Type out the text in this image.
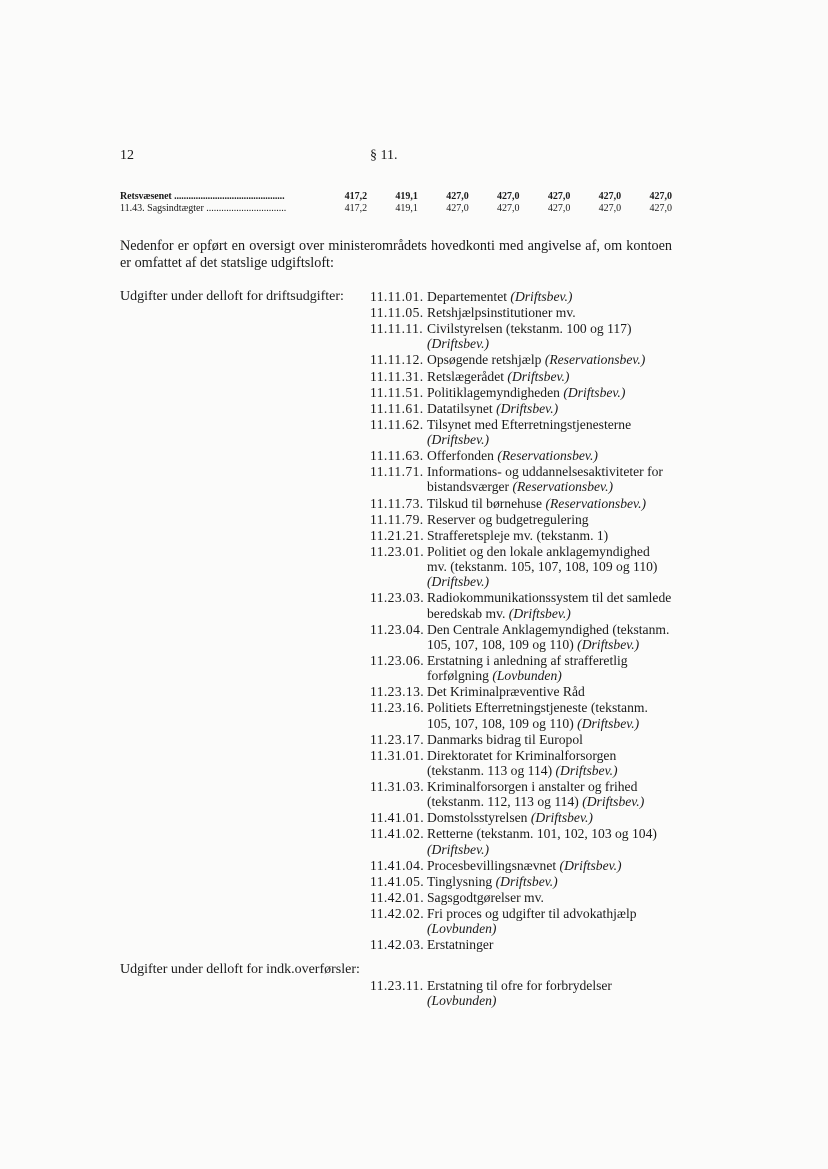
12	§ 11.
Retsvæsenet ..............................................	417,2	419,1	427,0	427,0	427,0	427,0	427,0
11.43. Sagsindtægter ................................	417,2	419,1	427,0	427,0	427,0	427,0	427,0

Nedenfor er opført en oversigt over ministerområdets hovedkonti med angivelse af, om kontoen er omfattet af det statslige udgiftsloft:

Udgifter under delloft for driftsudgifter: 11.11.01. Departementet (Driftsbev.)
11.11.05. Retshjælpsinstitutioner mv.
11.11.11. Civilstyrelsen (tekstanm. 100 og 117) (Driftsbev.)
11.11.12. Opsøgende retshjælp (Reservationsbev.)
11.11.31. Retslægerådet (Driftsbev.)
11.11.51. Politiklagemyndigheden (Driftsbev.)
11.11.61. Datatilsynet (Driftsbev.)
11.11.62. Tilsynet med Efterretningstjenesterne (Driftsbev.)
11.11.63. Offerfonden (Reservationsbev.)
11.11.71. Informations- og uddannelsesaktiviteter for bistandsværger (Reservationsbev.)
11.11.73. Tilskud til børnehuse (Reservationsbev.)
11.11.79. Reserver og budgetregulering
11.21.21. Strafferetspleje mv. (tekstanm. 1)
11.23.01. Politiet og den lokale anklagemyndighed mv. (tekstanm. 105, 107, 108, 109 og 110) (Driftsbev.)
11.23.03. Radiokommunikationssystem til det samlede beredskab mv. (Driftsbev.)
11.23.04. Den Centrale Anklagemyndighed (tekstanm. 105, 107, 108, 109 og 110) (Driftsbev.)
11.23.06. Erstatning i anledning af strafferetlig forfølgning (Lovbunden)
11.23.13. Det Kriminalpræventive Råd
11.23.16. Politiets Efterretningstjeneste (tekstanm. 105, 107, 108, 109 og 110) (Driftsbev.)
11.23.17. Danmarks bidrag til Europol
11.31.01. Direktoratet for Kriminalforsorgen (tekstanm. 113 og 114) (Driftsbev.)
11.31.03. Kriminalforsorgen i anstalter og frihed (tekstanm. 112, 113 og 114) (Driftsbev.)
11.41.01. Domstolsstyrelsen (Driftsbev.)
11.41.02. Retterne (tekstanm. 101, 102, 103 og 104) (Driftsbev.)
11.41.04. Procesbevillingsnævnet (Driftsbev.)
11.41.05. Tinglysning (Driftsbev.)
11.42.01. Sagsgodtgørelser mv.
11.42.02. Fri proces og udgifter til advokathjælp (Lovbunden)
11.42.03. Erstatninger
Udgifter under delloft for indk.overførsler:
11.23.11. Erstatning til ofre for forbrydelser (Lovbunden)
